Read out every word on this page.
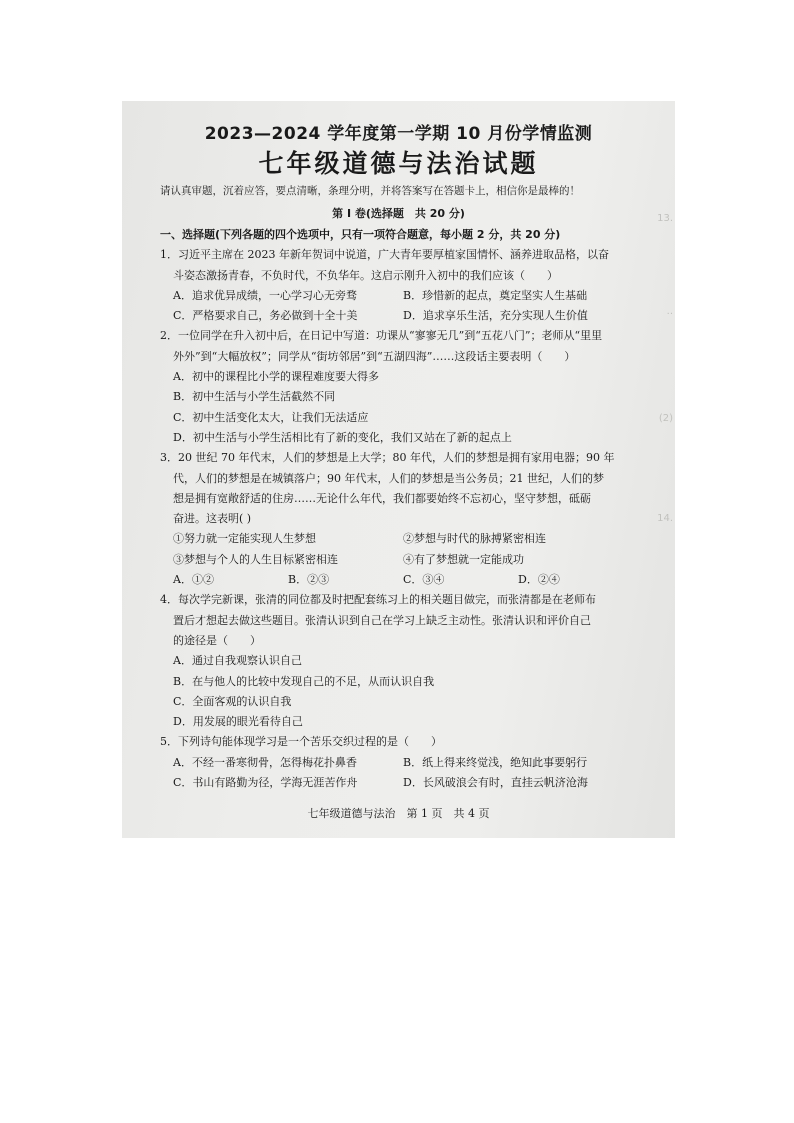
13.
··
(2)
14.
2023—2024 学年度第一学期 10 月份学情监测
七年级道德与法治试题
请认真审题，沉着应答，要点清晰，条理分明，并将答案写在答题卡上，相信你是最棒的！
第 I 卷(选择题　共 20 分)
一、选择题(下列各题的四个选项中，只有一项符合题意，每小题 2 分，共 20 分)
1．习近平主席在 2023 年新年贺词中说道，广大青年要厚植家国情怀、涵养进取品格，以奋
斗姿态激扬青春，不负时代，不负华年。这启示刚升入初中的我们应该（　　）
A．追求优异成绩，一心学习心无旁骛	B．珍惜新的起点，奠定坚实人生基础
C．严格要求自己，务必做到十全十美	D．追求享乐生活，充分实现人生价值
2．一位同学在升入初中后，在日记中写道：功课从“寥寥无几”到“五花八门”；老师从“里里
外外”到“大幅放权”；同学从“街坊邻居”到“五湖四海”……这段话主要表明（　　）
A．初中的课程比小学的课程难度要大得多
B．初中生活与小学生活截然不同
C．初中生活变化太大，让我们无法适应
D．初中生活与小学生活相比有了新的变化，我们又站在了新的起点上
3．20 世纪 70 年代末，人们的梦想是上大学；80 年代，人们的梦想是拥有家用电器；90 年
代，人们的梦想是在城镇落户；90 年代末，人们的梦想是当公务员；21 世纪，人们的梦
想是拥有宽敞舒适的住房……无论什么年代，我们都要始终不忘初心，坚守梦想，砥砺
奋进。这表明( )
①努力就一定能实现人生梦想	②梦想与时代的脉搏紧密相连
③梦想与个人的人生目标紧密相连	④有了梦想就一定能成功
A．①②	B．②③	C．③④	D．②④
4．每次学完新课，张清的同位都及时把配套练习上的相关题目做完，而张清都是在老师布
置后才想起去做这些题目。张清认识到自己在学习上缺乏主动性。张清认识和评价自己
的途径是（　　）
A．通过自我观察认识自己
B．在与他人的比较中发现自己的不足，从而认识自我
C．全面客观的认识自我
D．用发展的眼光看待自己
5．下列诗句能体现学习是一个苦乐交织过程的是（　　）
A．不经一番寒彻骨，怎得梅花扑鼻香	B．纸上得来终觉浅，绝知此事要躬行
C．书山有路勤为径，学海无涯苦作舟	D．长风破浪会有时，直挂云帆济沧海
七年级道德与法治　第 1 页　共 4 页
